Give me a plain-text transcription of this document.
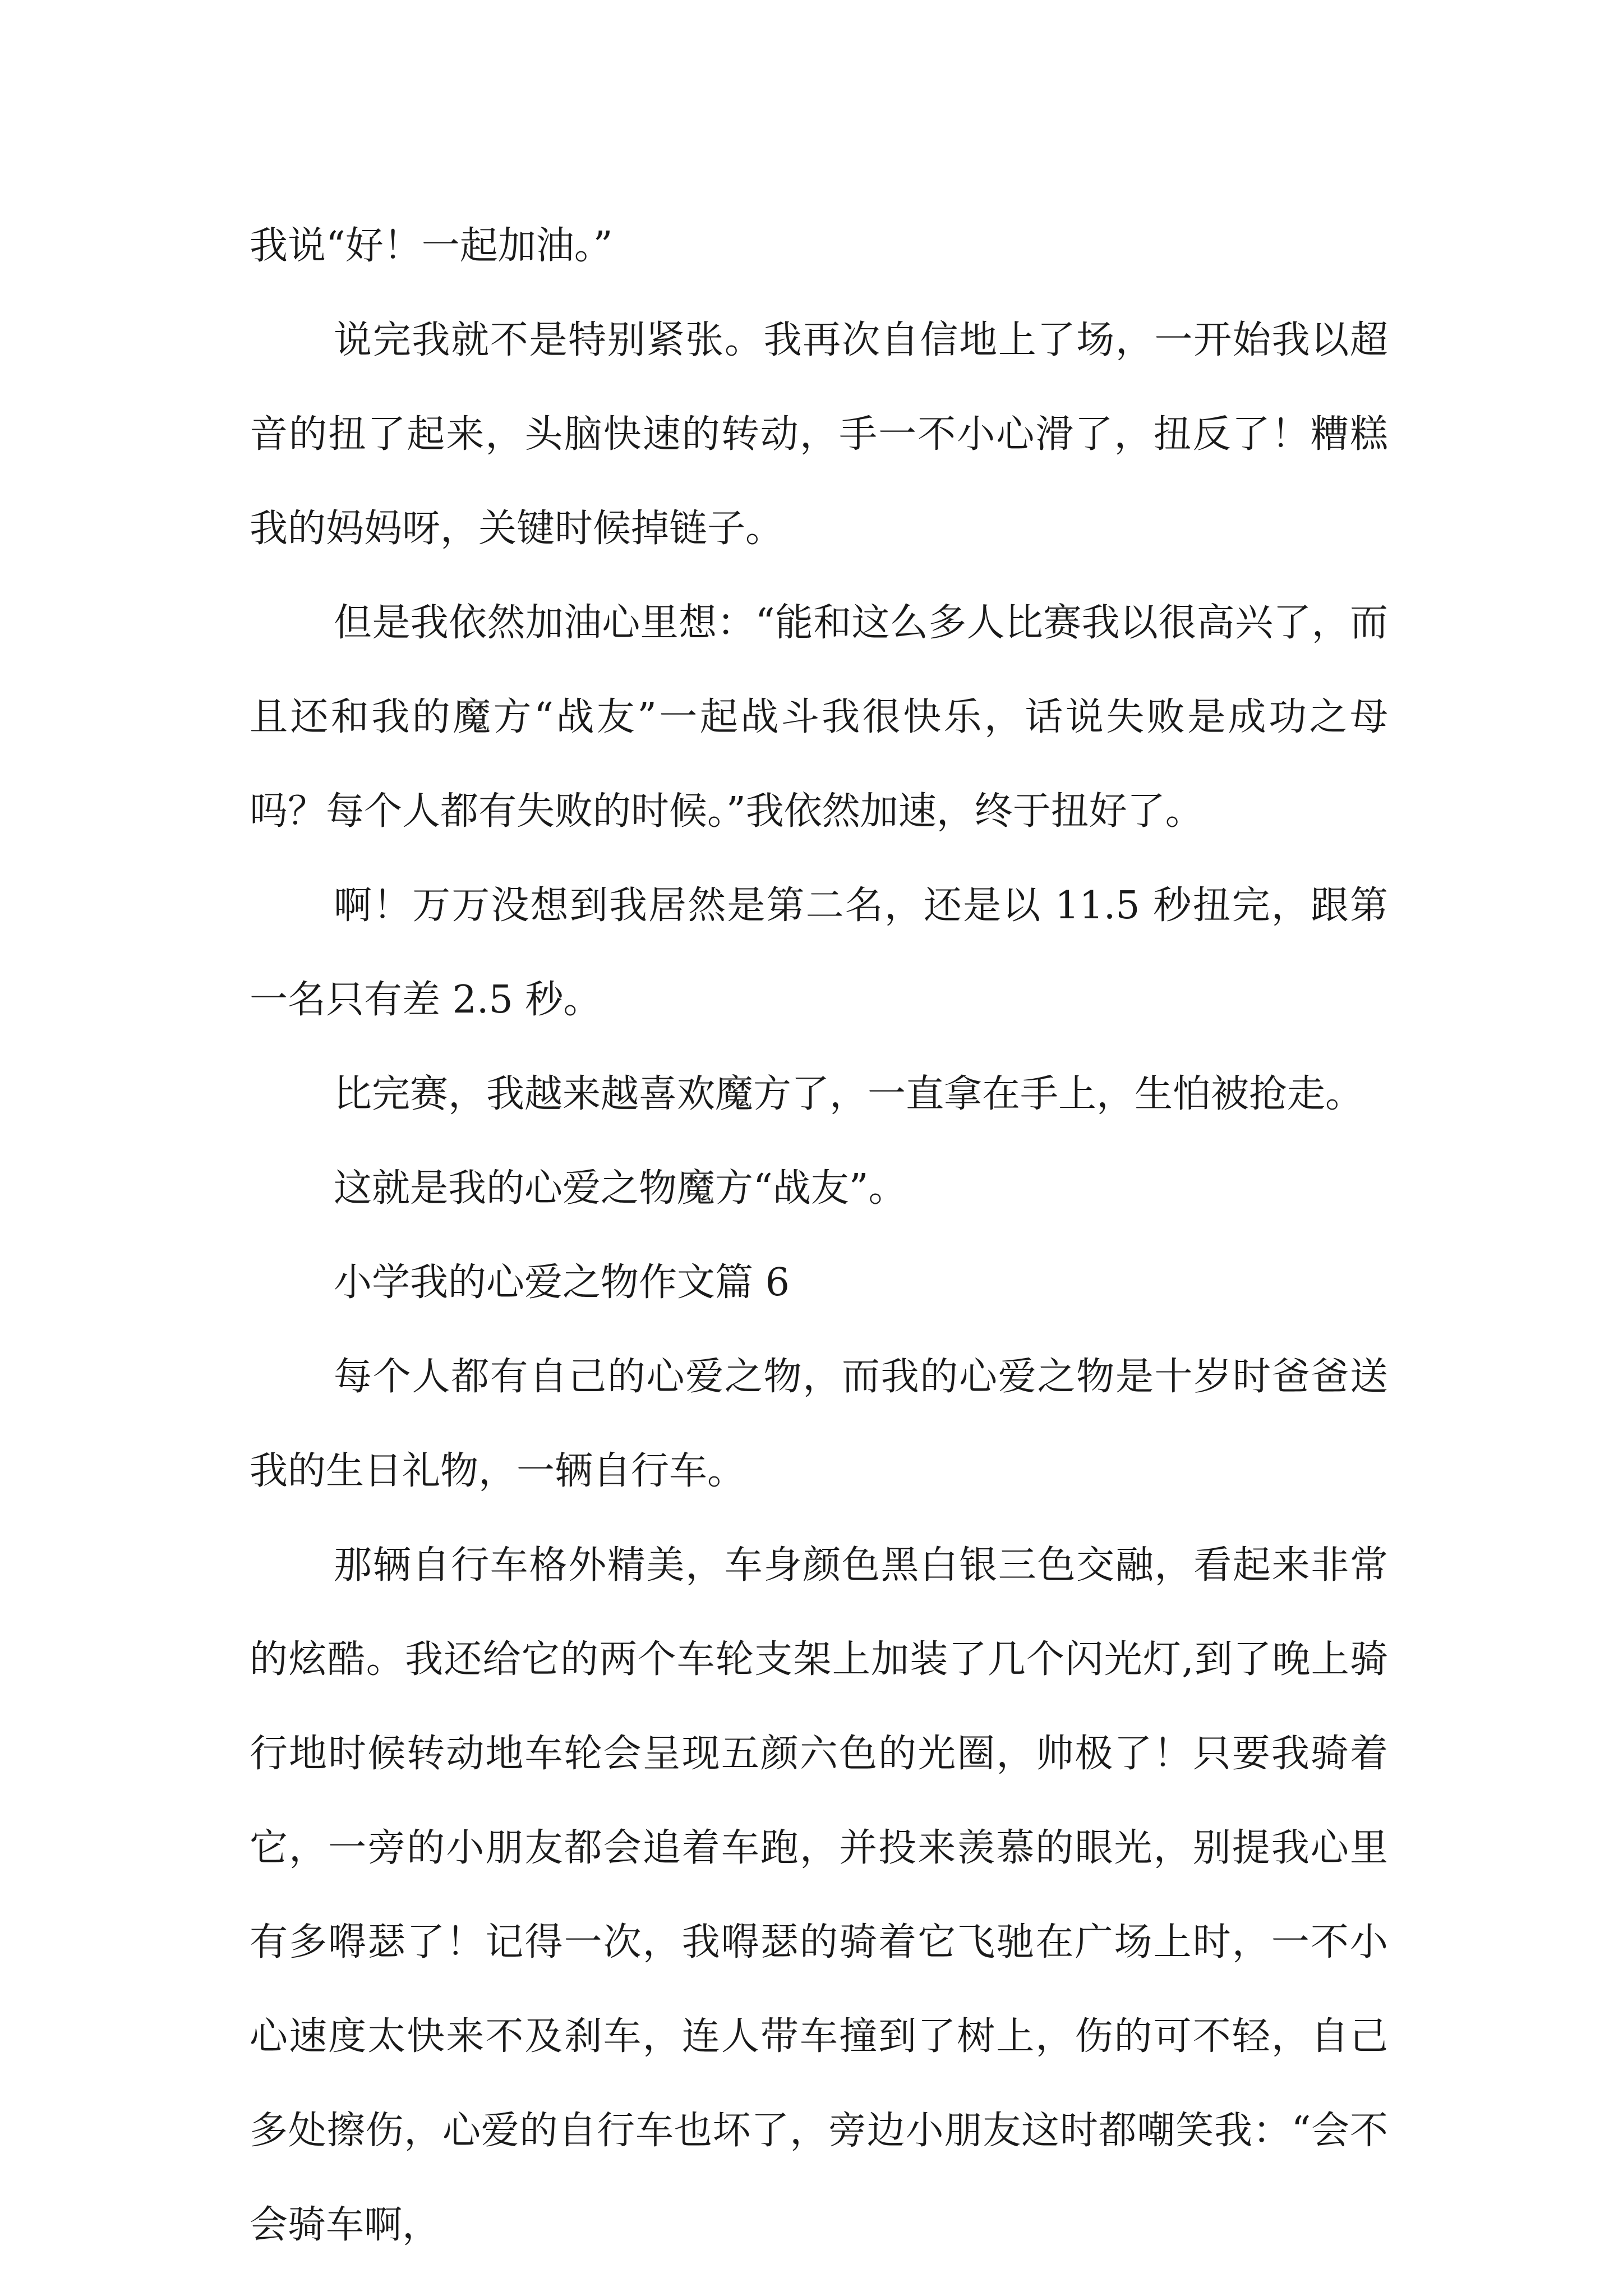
我说“好！一起加油。”

说完我就不是特别紧张。我再次自信地上了场，一开始我以超音的扭了起来，头脑快速的转动，手一不小心滑了，扭反了！糟糕我的妈妈呀，关键时候掉链子。

但是我依然加油心里想：“能和这么多人比赛我以很高兴了，而且还和我的魔方“战友”一起战斗我很快乐，话说失败是成功之母吗？每个人都有失败的时候。”我依然加速，终于扭好了。

啊！万万没想到我居然是第二名，还是以 11.5 秒扭完，跟第一名只有差 2.5 秒。

比完赛，我越来越喜欢魔方了，一直拿在手上，生怕被抢走。

这就是我的心爱之物魔方“战友”。

小学我的心爱之物作文篇 6

每个人都有自己的心爱之物，而我的心爱之物是十岁时爸爸送我的生日礼物，一辆自行车。

那辆自行车格外精美，车身颜色黑白银三色交融，看起来非常的炫酷。我还给它的两个车轮支架上加装了几个闪光灯,到了晚上骑行地时候转动地车轮会呈现五颜六色的光圈，帅极了！只要我骑着它，一旁的小朋友都会追着车跑，并投来羡慕的眼光，别提我心里有多嘚瑟了！记得一次，我嘚瑟的骑着它飞驰在广场上时，一不小心速度太快来不及刹车，连人带车撞到了树上，伤的可不轻，自己多处擦伤，心爱的自行车也坏了，旁边小朋友这时都嘲笑我：“会不会骑车啊，
